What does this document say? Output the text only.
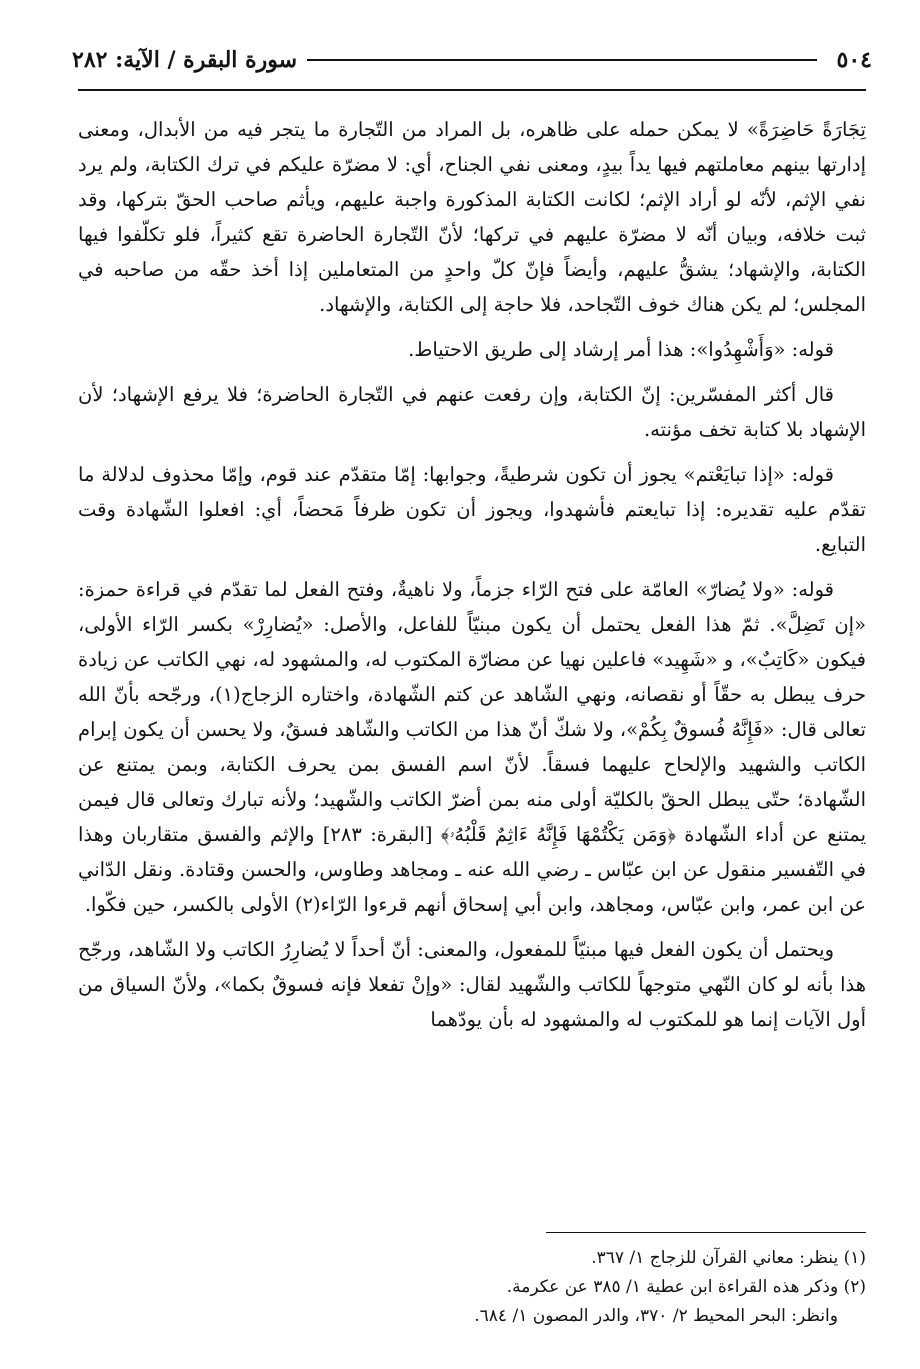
٥٠٤
سورة البقرة / الآية: ٢٨٢

تِجَارَةً حَاضِرَةً» لا يمكن حمله على ظاهره، بل المراد من التّجارة ما يتجر فيه من الأبدال، ومعنى إدارتها بينهم معاملتهم فيها يداً بيدٍ، ومعنى نفي الجناح، أي: لا مضرّة عليكم في ترك الكتابة، ولم يرد نفي الإثم، لأنّه لو أراد الإثم؛ لكانت الكتابة المذكورة واجبة عليهم، ويأثم صاحب الحقّ بتركها، وقد ثبت خلافه، وبيان أنّه لا مضرّة عليهم في تركها؛ لأنّ التّجارة الحاضرة تقع كثيراً، فلو تكلّفوا فيها الكتابة، والإشهاد؛ يشقُّ عليهم، وأيضاً فإنّ كلّ واحدٍ من المتعاملين إذا أخذ حقّه من صاحبه في المجلس؛ لم يكن هناك خوف التّجاحد، فلا حاجة إلى الكتابة، والإشهاد.

قوله: «وَأَشْهِدُوا»: هذا أمر إرشاد إلى طريق الاحتياط.

قال أكثر المفسّرين: إنّ الكتابة، وإن رفعت عنهم في التّجارة الحاضرة؛ فلا يرفع الإشهاد؛ لأن الإشهاد بلا كتابة تخف مؤنته.

قوله: «إذا تبايَعْتم» يجوز أن تكون شرطيةً، وجوابها: إمّا متقدّم عند قوم، وإمّا محذوف لدلالة ما تقدّم عليه تقديره: إذا تبايعتم فأشهدوا، ويجوز أن تكون ظرفاً مَحضاً، أي: افعلوا الشّهادة وقت التبايع.

قوله: «ولا يُضارّ» العامّة على فتح الرّاء جزماً، ولا ناهيةٌ، وفتح الفعل لما تقدّم في قراءة حمزة: «إن تَضِلَّ». ثمّ هذا الفعل يحتمل أن يكون مبنيّاً للفاعل، والأصل: «يُضارِرْ» بكسر الرّاء الأولى، فيكون «كَاتِبٌ»، و «شَهِيد» فاعلين نهيا عن مضارّة المكتوب له، والمشهود له، نهي الكاتب عن زيادة حرف يبطل به حقّاً أو نقصانه، ونهي الشّاهد عن كتم الشّهادة، واختاره الزجاج(١)، ورجّحه بأنّ الله تعالى قال: «فَإِنَّهُ فُسوقٌ بِكُمْ»، ولا شكّ أنّ هذا من الكاتب والشّاهد فسقٌ، ولا يحسن أن يكون إبرام الكاتب والشهيد والإلحاح عليهما فسقاً. لأنّ اسم الفسق بمن يحرف الكتابة، وبمن يمتنع عن الشّهادة؛ حتّى يبطل الحقّ بالكليّة أولى منه بمن أضرّ الكاتب والشّهيد؛ ولأنه تبارك وتعالى قال فيمن يمتنع عن أداء الشّهادة ﴿وَمَن يَكْتُمْهَا فَإِنَّهُ ءَاثِمٌ قَلْبُهُۥ﴾ [البقرة: ٢٨٣] والإثم والفسق متقاربان وهذا في التّفسير منقول عن ابن عبّاس ـ رضي الله عنه ـ ومجاهد وطاوس، والحسن وقتادة. ونقل الدّاني عن ابن عمر، وابن عبّاس، ومجاهد، وابن أبي إسحاق أنهم قرءوا الرّاء(٢) الأولى بالكسر، حين فكّوا.

ويحتمل أن يكون الفعل فيها مبنيّاً للمفعول، والمعنى: أنّ أحداً لا يُضارِرُ الكاتب ولا الشّاهد، ورجّح هذا بأنه لو كان النّهي متوجهاً للكاتب والشّهيد لقال: «وإنْ تفعلا فإنه فسوقٌ بكما»، ولأنّ السياق من أول الآيات إنما هو للمكتوب له والمشهود له بأن يودّهما

(١) ينظر: معاني القرآن للزجاج ١/ ٣٦٧.

(٢) وذكر هذه القراءة ابن عطية ١/ ٣٨٥ عن عكرمة.

وانظر: البحر المحيط ٢/ ٣٧٠، والدر المصون ١/ ٦٨٤.
